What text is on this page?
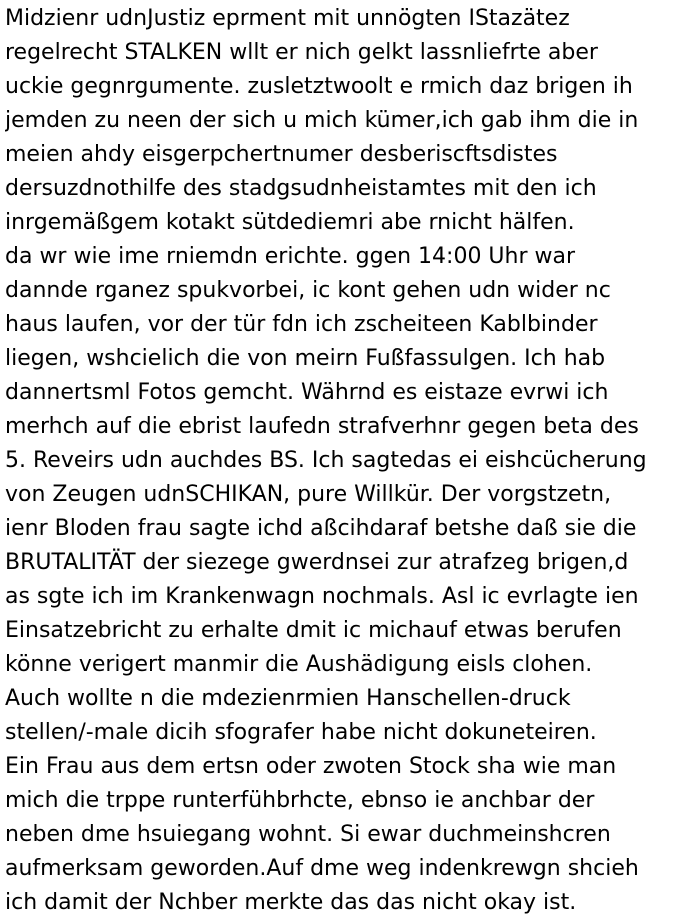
Midzienr udnJustiz eprment mit unnögten IStazätez
regelrecht STALKEN wllt er nich gelkt lassnliefrte aber
uckie gegnrgumente. zusletztwoolt e rmich daz brigen ih
jemden zu neen der sich u mich kümer,ich gab ihm die in
meien ahdy eisgerpchertnumer desberiscftsdistes
dersuzdnothilfe des stadgsudnheistamtes mit den ich
inrgemäßgem kotakt sütdediemri abe rnicht hälfen.
da wr wie ime rniemdn erichte. ggen 14:00 Uhr war
dannde rganez spukvorbei, ic kont gehen udn wider nc
haus laufen, vor der tür fdn ich zscheiteen Kablbinder
liegen, wshcielich die von meirn Fußfassulgen. Ich hab
dannertsml Fotos gemcht. Währnd es eistaze evrwi ich
merhch auf die ebrist laufedn strafverhnr gegen beta des
5. Reveirs udn auchdes BS. Ich sagtedas ei eishcücherung
von Zeugen udnSCHIKAN, pure Willkür. Der vorgstzetn,
ienr Bloden frau sagte ichd aßcihdaraf betshe daß sie die
BRUTALITÄT der siezege gwerdnsei zur atrafzeg brigen,d
as sgte ich im Krankenwagn nochmals. Asl ic evrlagte ien
Einsatzebricht zu erhalte dmit ic michauf etwas berufen
könne verigert manmir die Aushädigung eisls clohen.
Auch wollte n die mdezienrmien Hanschellen-druck
stellen/-male dicih sfografer habe nicht dokuneteiren.
Ein Frau aus dem ertsn oder zwoten Stock sha wie man
mich die trppe runterfühbrhcte, ebnso ie anchbar der
neben dme hsuiegang wohnt. Si ewar duchmeinshcren
aufmerksam geworden.Auf dme weg indenkrewgn shcieh
ich damit der Nchber merkte das das nicht okay ist.
